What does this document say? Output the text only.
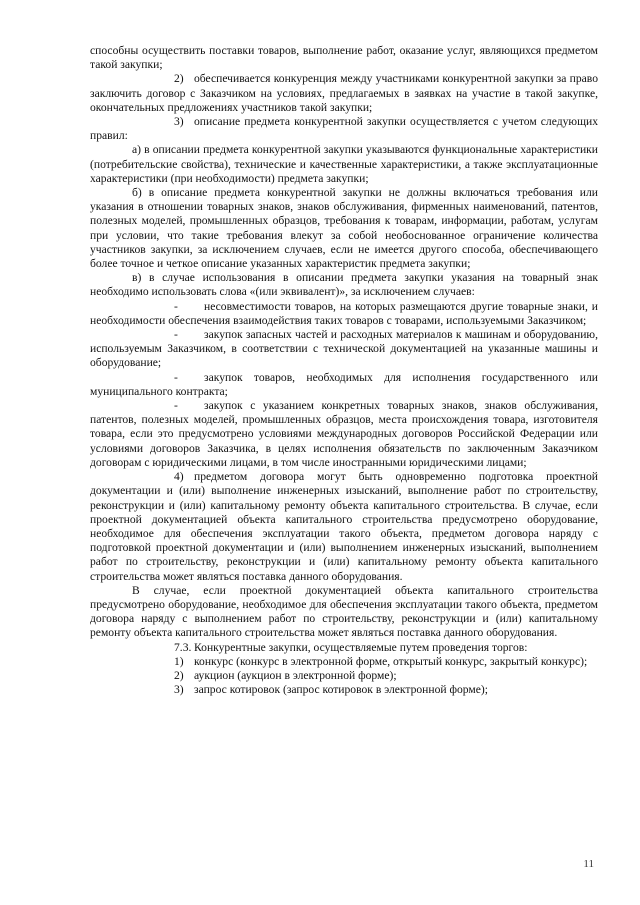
способны осуществить поставки товаров, выполнение работ, оказание услуг, являющихся предметом такой закупки;

2) обеспечивается конкуренция между участниками конкурентной закупки за право заключить договор с Заказчиком на условиях, предлагаемых в заявках на участие в такой закупке, окончательных предложениях участников такой закупки;

3) описание предмета конкурентной закупки осуществляется с учетом следующих правил:

а) в описании предмета конкурентной закупки указываются функциональные характеристики (потребительские свойства), технические и качественные характеристики, а также эксплуатационные характеристики (при необходимости) предмета закупки;

б) в описание предмета конкурентной закупки не должны включаться требования или указания в отношении товарных знаков, знаков обслуживания, фирменных наименований, патентов, полезных моделей, промышленных образцов, требования к товарам, информации, работам, услугам при условии, что такие требования влекут за собой необоснованное ограничение количества участников закупки, за исключением случаев, если не имеется другого способа, обеспечивающего более точное и четкое описание указанных характеристик предмета закупки;

в) в случае использования в описании предмета закупки указания на товарный знак необходимо использовать слова «(или эквивалент)», за исключением случаев:

- несовместимости товаров, на которых размещаются другие товарные знаки, и необходимости обеспечения взаимодействия таких товаров с товарами, используемыми Заказчиком;

- закупок запасных частей и расходных материалов к машинам и оборудованию, используемым Заказчиком, в соответствии с технической документацией на указанные машины и оборудование;

- закупок товаров, необходимых для исполнения государственного или муниципального контракта;

- закупок с указанием конкретных товарных знаков, знаков обслуживания, патентов, полезных моделей, промышленных образцов, места происхождения товара, изготовителя товара, если это предусмотрено условиями международных договоров Российской Федерации или условиями договоров Заказчика, в целях исполнения обязательств по заключенным Заказчиком договорам с юридическими лицами, в том числе иностранными юридическими лицами;

4) предметом договора могут быть одновременно подготовка проектной документации и (или) выполнение инженерных изысканий, выполнение работ по строительству, реконструкции и (или) капитальному ремонту объекта капитального строительства. В случае, если проектной документацией объекта капитального строительства предусмотрено оборудование, необходимое для обеспечения эксплуатации такого объекта, предметом договора наряду с подготовкой проектной документации и (или) выполнением инженерных изысканий, выполнением работ по строительству, реконструкции и (или) капитальному ремонту объекта капитального строительства может являться поставка данного оборудования.

В случае, если проектной документацией объекта капитального строительства предусмотрено оборудование, необходимое для обеспечения эксплуатации такого объекта, предметом договора наряду с выполнением работ по строительству, реконструкции и (или) капитальному ремонту объекта капитального строительства может являться поставка данного оборудования.

7.3. Конкурентные закупки, осуществляемые путем проведения торгов:

1) конкурс (конкурс в электронной форме, открытый конкурс, закрытый конкурс);

2) аукцион (аукцион в электронной форме);

3) запрос котировок (запрос котировок в электронной форме);

11
